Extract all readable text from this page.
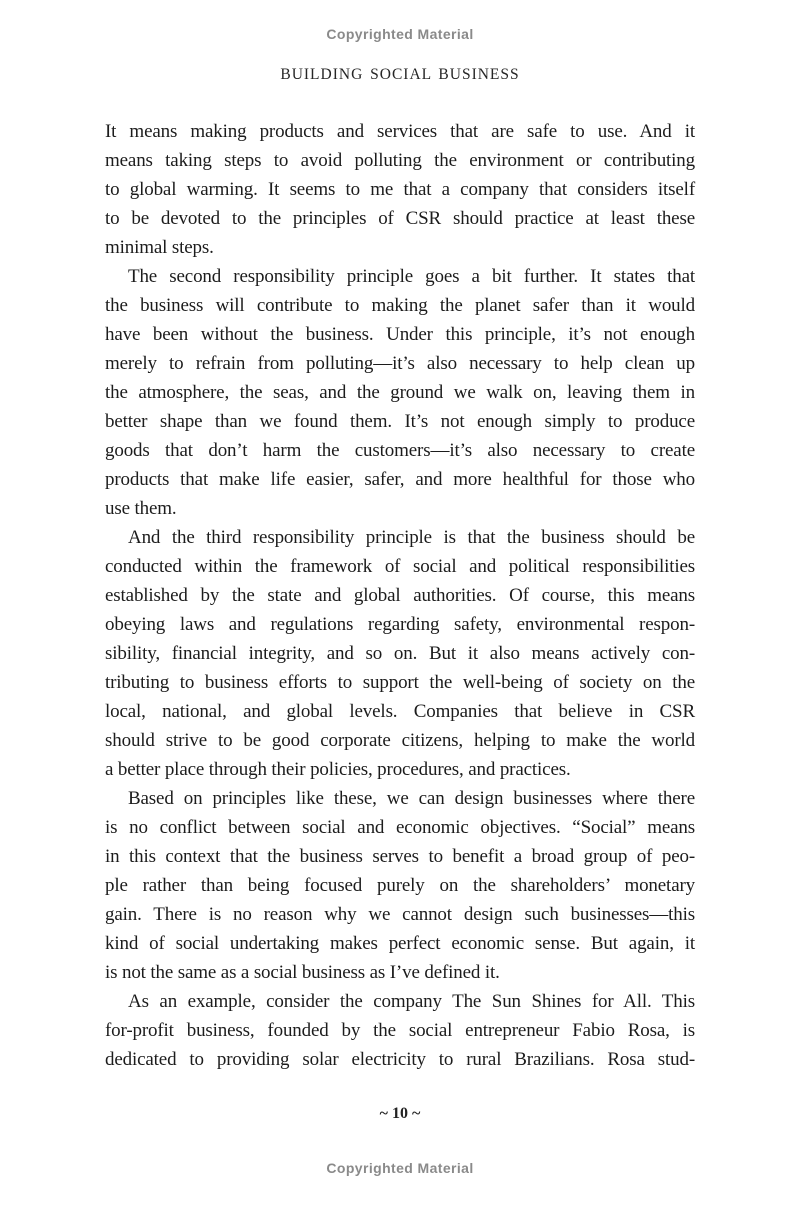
Copyrighted Material
BUILDING SOCIAL BUSINESS
It means making products and services that are safe to use. And it
means taking steps to avoid polluting the environment or contributing
to global warming. It seems to me that a company that considers itself
to be devoted to the principles of CSR should practice at least these
minimal steps.
The second responsibility principle goes a bit further. It states that
the business will contribute to making the planet safer than it would
have been without the business. Under this principle, it’s not enough
merely to refrain from polluting—it’s also necessary to help clean up
the atmosphere, the seas, and the ground we walk on, leaving them in
better shape than we found them. It’s not enough simply to produce
goods that don’t harm the customers—it’s also necessary to create
products that make life easier, safer, and more healthful for those who
use them.
And the third responsibility principle is that the business should be
conducted within the framework of social and political responsibilities
established by the state and global authorities. Of course, this means
obeying laws and regulations regarding safety, environmental respon-
sibility, financial integrity, and so on. But it also means actively con-
tributing to business efforts to support the well-being of society on the
local, national, and global levels. Companies that believe in CSR
should strive to be good corporate citizens, helping to make the world
a better place through their policies, procedures, and practices.
Based on principles like these, we can design businesses where there
is no conflict between social and economic objectives. “Social” means
in this context that the business serves to benefit a broad group of peo-
ple rather than being focused purely on the shareholders’ monetary
gain. There is no reason why we cannot design such businesses—this
kind of social undertaking makes perfect economic sense. But again, it
is not the same as a social business as I’ve defined it.
As an example, consider the company The Sun Shines for All. This
for-profit business, founded by the social entrepreneur Fabio Rosa, is
dedicated to providing solar electricity to rural Brazilians. Rosa stud-
~ 10 ~
Copyrighted Material
